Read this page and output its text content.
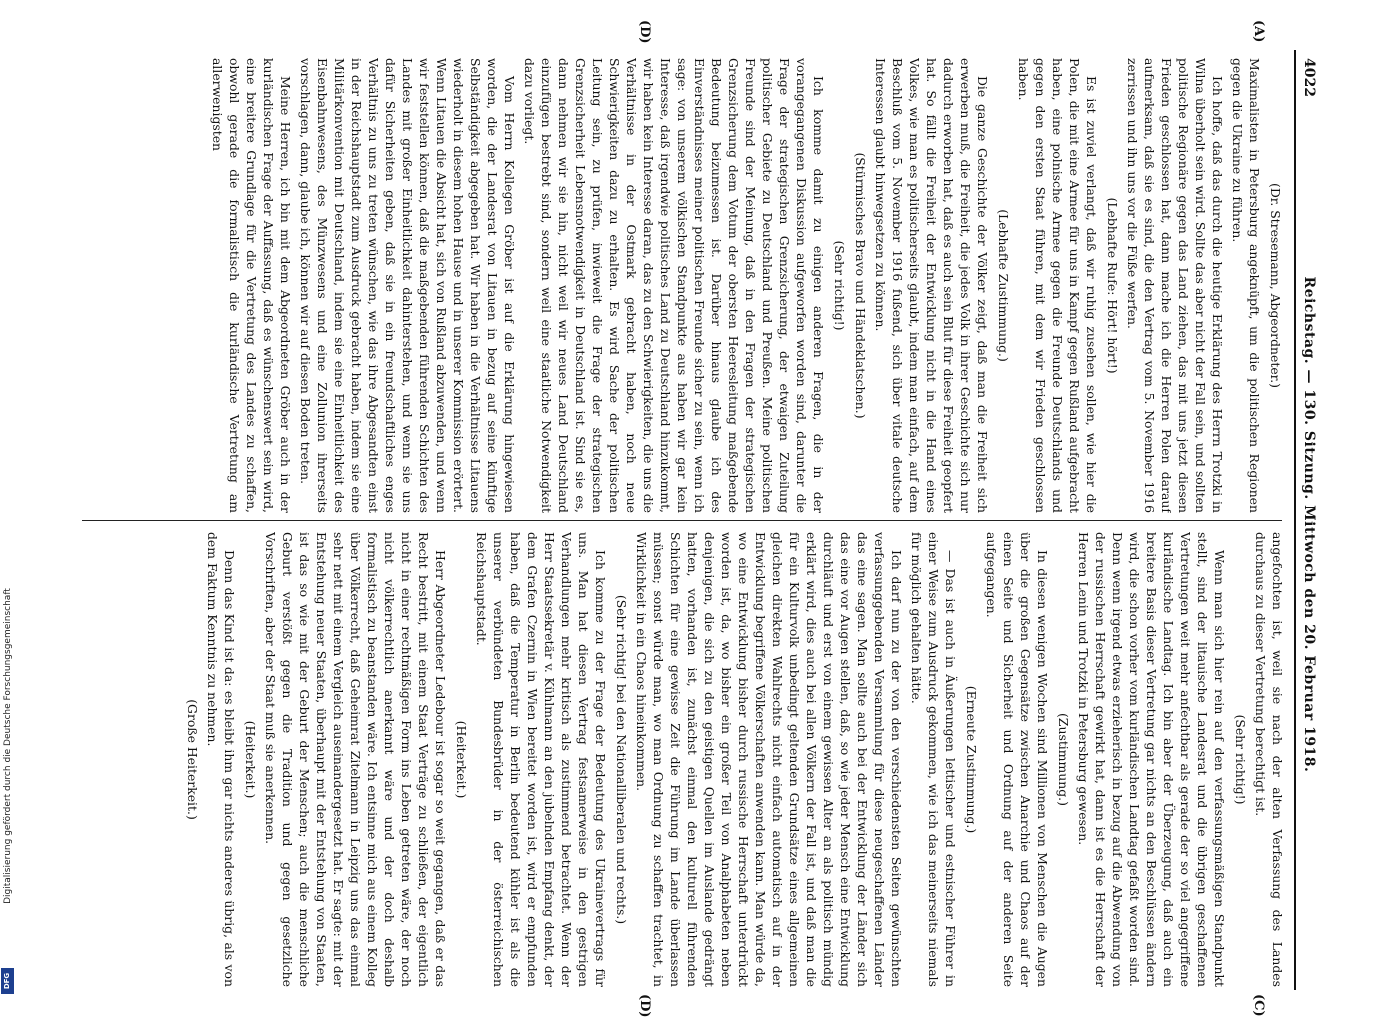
4022
Reichstag. — 130. Sitzung. Mittwoch den 20. Februar 1918.
(A)
(C)
(D)
(D)

(Dr. Stresemann, Abgeordneter.)

Maximalisten in Petersburg angeknüpft, um die politischen Regionen gegen die Ukraine zu führen.

Ich hoffe, daß das durch die heutige Erklärung des Herrn Trotzki in Wilna überholt sein wird. Sollte das aber nicht der Fall sein, und sollten politische Regionäre gegen das Land ziehen, das mit uns jetzt diesen Frieden geschlossen hat, dann mache ich die Herren Polen darauf aufmerksam, daß sie es sind, die den Vertrag vom 5. November 1916 zerrissen und ihn uns vor die Füße werfen.

(Lebhafte Rufe: Hört! hört!)

Es ist zuviel verlangt, daß wir ruhig zusehen sollen, wie hier die Polen, die mit eine Armee für uns in Kampf gegen Rußland aufgebracht haben, eine polnische Armee gegen die Freunde Deutschlands und gegen den ersten Staat führen, mit dem wir Frieden geschlossen haben.

(Lebhafte Zustimmung.)

Die ganze Geschichte der Völker zeigt, daß man die Freiheit sich erwerben muß, die Freiheit, die jedes Volk in ihrer Geschichte sich nur dadurch erworben hat, daß es auch sein Blut für diese Freiheit geopfert hat. So fällt die Freiheit der Entwicklung nicht in die Hand eines Volkes, wie man es politischerseits glaubt, indem man einfach, auf dem Beschluß vom 5. November 1916 fußend, sich über vitale deutsche Interessen glaubt hinwegsetzen zu können.

(Stürmisches Bravo und Händeklatschen.)

(Sehr richtig!)

Ich komme damit zu einigen anderen Fragen, die in der vorangegangenen Diskussion aufgeworfen worden sind, darunter die Frage der strategischen Grenzsicherung, der etwaigen Zuteilung politischer Gebiete zu Deutschland und Preußen. Meine politischen Freunde sind der Meinung, daß in den Fragen der strategischen Grenzsicherung dem Votum der obersten Heeresleitung maßgebende Bedeutung beizumessen ist. Darüber hinaus glaube ich des Einverständnisses meiner politischen Freunde sicher zu sein, wenn ich sage: von unserem völkischen Standpunkte aus haben wir gar kein Interesse, daß irgendwie politisches Land zu Deutschland hinzukommt, wir haben kein Interesse daran, das zu den Schwierigkeiten, die uns die Verhältnisse in der Ostmark gebracht haben, noch neue Schwierigkeiten dazu zu erhalten. Es wird Sache der politischen Leitung sein, zu prüfen, inwieweit die Frage der strategischen Grenzsicherheit Lebensnotwendigkeit in Deutschland ist. Sind sie es, dann nehmen wir sie hin, nicht weil wir neues Land Deutschland einzufügen bestrebt sind, sondern weil eine staatliche Notwendigkeit dazu vorliegt.

Vom Herrn Kollegen Gröber ist auf die Erklärung hingewiesen worden, die der Landesrat von Litauen in bezug auf seine künftige Selbständigkeit abgegeben hat. Wir haben in die Verhältnisse Litauens wiederholt in diesem hohen Hause und in unserer Kommission erörtert. Wenn Litauen die Absicht hat, sich von Rußland abzuwenden, und wenn wir feststellen können, daß die maßgebenden führenden Schichten des Landes mit großer Einheitlichkeit dahinterstehen, und wenn sie uns dafür Sicherheiten geben, daß sie in ein freundschaftliches enges Verhältnis zu uns zu treten wünschen, wie das ihre Abgesandten einst in der Reichshauptstadt zum Ausdruck gebracht haben, indem sie eine Militärkonvention mit Deutschland, indem sie eine Einheitlichkeit des Eisenbahnwesens, des Münzwesens und eine Zollunion ihrerseits vorschlagen, dann, glaube ich, können wir auf diesen Boden treten.

Meine Herren, ich bin mit dem Abgeordneten Gröber auch in der kurländischen Frage der Auffassung, daß es wünschenswert sein wird, eine breitere Grundlage für die Vertretung des Landes zu schaffen, obwohl gerade die formalistisch die kurländische Vertretung am allerwenigsten

angefochten ist, weil sie nach der alten Verfassung des Landes durchaus zu dieser Vertretung berechtigt ist.

(Sehr richtig!)

Wenn man sich hier rein auf den verfassungsmäßigen Standpunkt stellt, sind der litauische Landesrat und die übrigen geschaffenen Vertretungen weit mehr anfechtbar als gerade der so viel angegriffene kurländische Landtag. Ich bin aber der Überzeugung, daß auch ein breitere Basis dieser Vertretung gar nichts an den Beschlüssen ändern wird, die schon vorher vom kurländischen Landtag gefaßt worden sind. Denn wenn irgend etwas erzieherisch in bezug auf die Abwendung von der russischen Herrschaft gewirkt hat, dann ist es die Herrschaft der Herren Lenin und Trotzki in Petersburg gewesen.

(Zustimmung.)

In diesen wenigen Wochen sind Millionen von Menschen die Augen über die großen Gegensätze zwischen Anarchie und Chaos auf der einen Seite und Sicherheit und Ordnung auf der anderen Seite aufgegangen.

(Erneute Zustimmung.)

— Das ist auch in Äußerungen lettischer und estnischer Führer in einer Weise zum Ausdruck gekommen, wie ich das meinerseits niemals für möglich gehalten hätte.

Ich darf nun zu der von den verschiedensten Seiten gewünschten verfassunggebenden Versammlung für diese neugeschaffenen Länder das eine sagen. Man sollte auch bei der Entwicklung der Länder sich das eine vor Augen stellen, daß, so wie jeder Mensch eine Entwicklung durchläuft und erst von einem gewissen Alter an als politisch mündig erklärt wird, dies auch bei allen Völkern der Fall ist, und daß man die für ein Kulturvolk unbedingt geltenden Grundsätze eines allgemeinen gleichen direkten Wahlrechts nicht einfach automatisch auf in der Entwicklung begriffene Völkerschaften anwenden kann. Man würde da, wo eine Entwicklung bisher durch russische Herrschaft unterdrückt worden ist, da, wo bisher ein großer Teil von Analphabeten neben denjenigen, die sich zu den geistigen Quellen im Auslande gedrängt hatten, vorhanden ist, zunächst einmal den kulturell führenden Schichten für eine gewisse Zeit die Führung im Lande überlassen müssen; sonst würde man, wo man Ordnung zu schaffen trachtet, in Wirklichkeit in ein Chaos hineinkommen.

(Sehr richtig! bei den Nationalliberalen und rechts.)

Ich komme zu der Frage der Bedeutung des Ukrainevertrags für uns. Man hat diesen Vertrag festsamerweise in den gestrigen Verhandlungen mehr kritisch als zustimmend betrachtet. Wenn der Herr Staatssekretär v. Kühlmann an den jubelnden Empfang denkt, der dem Grafen Czernin in Wien bereitet worden ist, wird er empfunden haben, daß die Temperatur in Berlin bedeutend kühler ist als die unserer verbündeten Bundesbrüder in der österreichischen Reichshauptstadt.

(Heiterkeit.)

Herr Abgeordneter Ledebour ist sogar so weit gegangen, daß er das Recht bestritt, mit einem Staat Verträge zu schließen, der eigentlich nicht in einer rechtmäßigen Form ins Leben getreten wäre, der noch nicht völkerrechtlich anerkannt wäre und der doch deshalb formalistisch zu beanstanden wäre. Ich entsinne mich aus einem Kolleg über Völkerrecht, daß Geheimrat Zitelmann in Leipzig uns das einmal sehr nett mit einem Vergleich auseinandergesetzt hat. Er sagte: mit der Entstehung neuer Staaten, überhaupt mit der Entstehung von Staaten, ist das so wie mit der Geburt der Menschen; auch die menschliche Geburt verstößt gegen die Tradition und gegen gesetzliche Vorschriften, aber der Staat muß sie anerkennen.

(Heiterkeit.)

Denn das Kind ist da: es bleibt ihm gar nichts anderes übrig, als von dem Faktum Kenntnis zu nehmen.

(Große Heiterkeit.)

Digitalisierung gefördert durch die Deutsche Forschungsgemeinschaft
DFG
